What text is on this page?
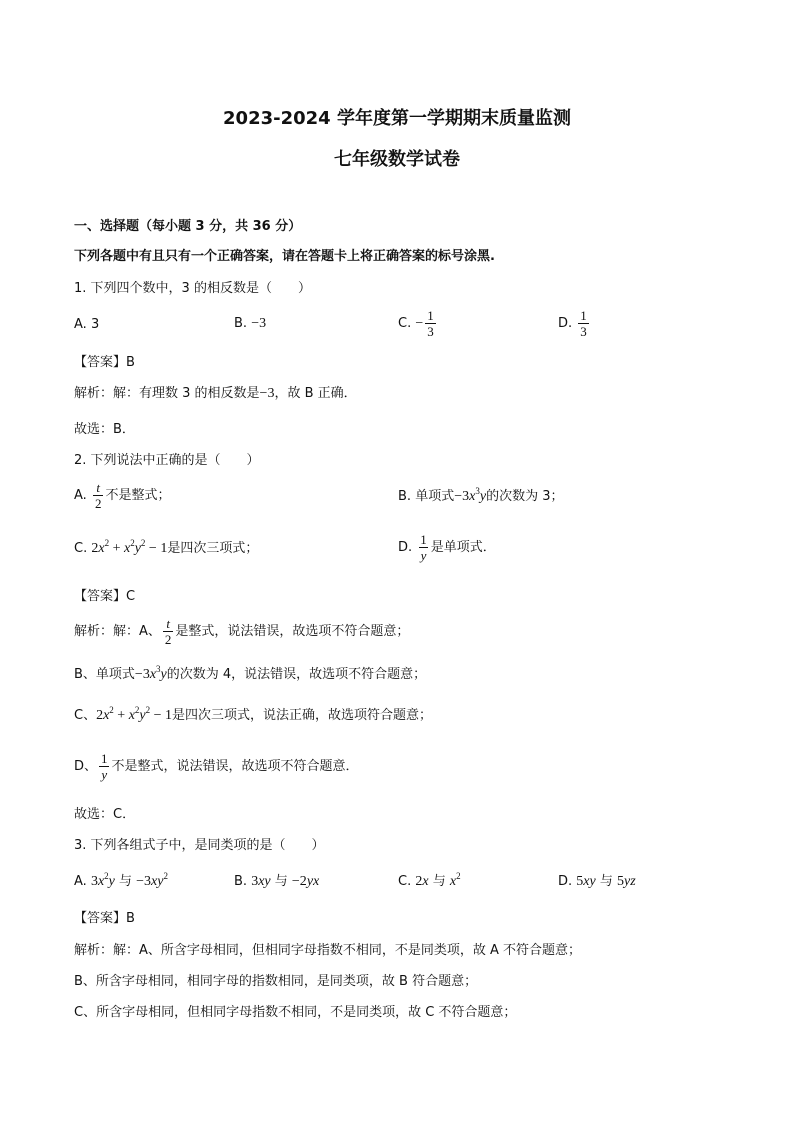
2023-2024 学年度第一学期期末质量监测
七年级数学试卷
一、选择题（每小题 3 分，共 36 分）
下列各题中有且只有一个正确答案，请在答题卡上将正确答案的标号涂黑.
1. 下列四个数中，3 的相反数是（　　）
A. 3	B. −3	C. − $\frac{1}{3}$	D. $\frac{1}{3}$
【答案】B
解析：解：有理数 3 的相反数是−3，故 B 正确．
故选：B．
2. 下列说法中正确的是（　　）
A. $\frac{t}{2}$ 不是整式；	B. 单项式$-3x^3y$的次数为 3；
C. $2x^2 + x^2y^2 - 1$是四次三项式；	D. $\frac{1}{y}$ 是单项式．
【答案】C
解析：解：A、 $\frac{t}{2}$ 是整式，说法错误，故选项不符合题意；
B、单项式$-3x^3y$的次数为 4，说法错误，故选项不符合题意；
C、$2x^2 + x^2y^2 - 1$是四次三项式，说法正确，故选项符合题意；
D、 $\frac{1}{y}$ 不是整式，说法错误，故选项不符合题意．
故选：C．
3. 下列各组式子中，是同类项的是（　　）
A. $3x^2y$ 与 $-3xy^2$	B. 3xy 与 −2yx	C. 2x 与 $x^2$	D. 5xy 与 5yz
【答案】B
解析：解：A、所含字母相同，但相同字母指数不相同，不是同类项，故 A 不符合题意；
B、所含字母相同，相同字母的指数相同，是同类项，故 B 符合题意；
C、所含字母相同，但相同字母指数不相同，不是同类项，故 C 不符合题意；
